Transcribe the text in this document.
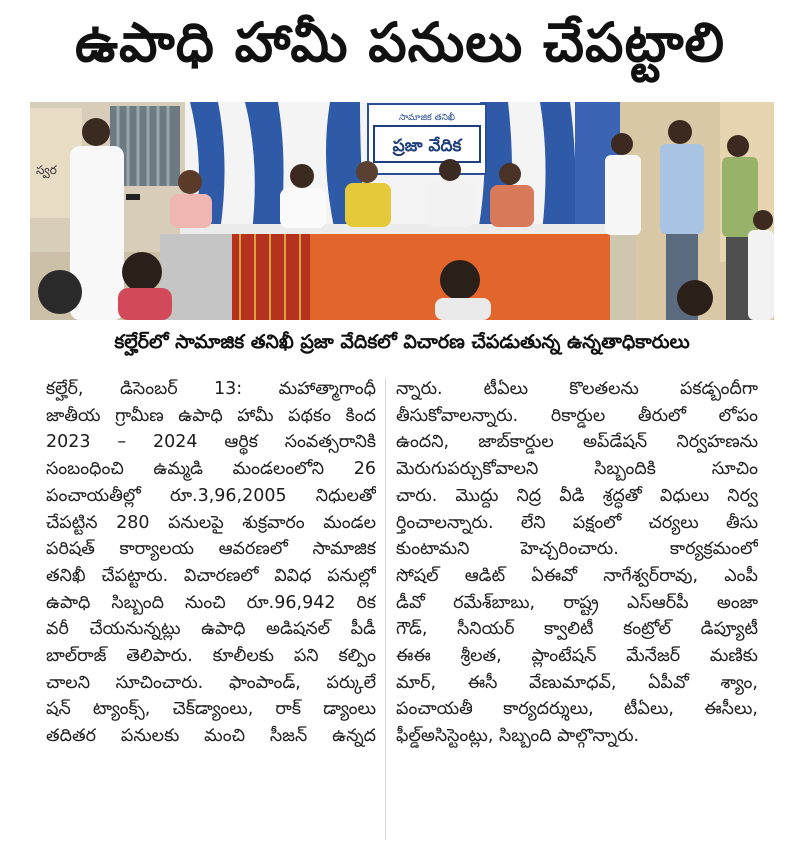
ఉపాధి హామీ పనులు చేపట్టాలి
స్వర
సామాజిక తనిఖీ
ప్రజా వేదిక
కల్హేర్‌లో సామాజిక తనిఖీ ప్రజా వేదికలో విచారణ చేపడుతున్న ఉన్నతాధికారులు
కల్హేర్, డిసెంబర్ 13: మహాత్మాగాంధీ
జాతీయ గ్రామీణ ఉపాధి హామీ పథకం కింద
2023 – 2024 ఆర్థిక సంవత్సరానికి
సంబంధించి ఉమ్మడి మండలంలోని 26
పంచాయతీల్లో రూ.3,96,2005 నిధులతో
చేపట్టిన 280 పనులపై శుక్రవారం మండల
పరిషత్ కార్యాలయ ఆవరణలో సామాజిక
తనిఖీ చేపట్టారు. విచారణలో వివిధ పనుల్లో
ఉపాధి సిబ్బంది నుంచి రూ.96,942 రిక
వరీ చేయనున్నట్లు ఉపాధి అడిషనల్ పీడీ
బాల్‌రాజ్ తెలిపారు. కూలీలకు పని కల్పిం
చాలని సూచించారు. ఫాంపాండ్, పర్కులే
షన్ ట్యాంక్స్, చెక్‌డ్యాంలు, రాక్ డ్యాంలు
తదితర పనులకు మంచి సీజన్ ఉన్నద
న్నారు. టీఏలు కొలతలను పకడ్బందీగా
తీసుకోవాలన్నారు. రికార్డుల తీరులో లోపం
ఉందని, జాబ్‌కార్డుల అప్‌డేషన్ నిర్వహణను
మెరుగుపర్చుకోవాలని సిబ్బందికి సూచిం
చారు. మొద్దు నిద్ర వీడి శ్రద్ధతో విధులు నిర్వ
ర్తించాలన్నారు. లేని పక్షంలో చర్యలు తీసు
కుంటామని హెచ్చరించారు. కార్యక్రమంలో
సోషల్ ఆడిట్ ఏఈవో నాగేశ్వర్‌రావు, ఎంపీ
డీవో రమేశ్‌బాబు, రాష్ట్ర ఎస్‌ఆర్‌పీ అంజా
గౌడ్, సీనియర్ క్వాలిటీ కంట్రోల్ డిప్యూటీ
ఈఈ శ్రీలత, ప్లాంటేషన్ మేనేజర్ మణికు
మార్, ఈసీ వేణుమాధవ్, ఏపీవో శ్యాం,
పంచాయతీ కార్యదర్శులు, టీఏలు, ఈసీలు,
ఫీల్డ్‌అసిస్టెంట్లు, సిబ్బంది పాల్గొన్నారు.
